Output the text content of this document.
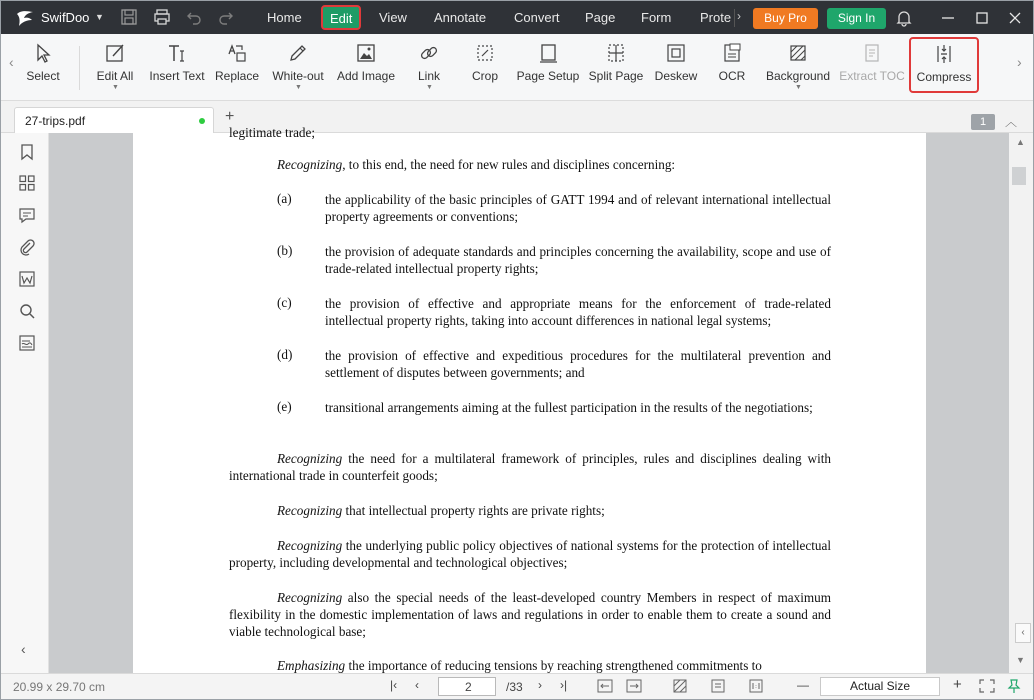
SwifDoo ▼	Home	Edit	View Annotate Convert Page Form Prote ›	Buy Pro	Sign In
‹
Select	Edit All
▼
Insert Text Replace	White-out
▼
Add Image	Link
▼
Crop	Page Setup Split Page Deskew	OCR	Background
▼
Extract TOC Compress
›
27-trips.pdf	+	1	︿
‹
legitimate trade;
Recognizing, to this end, the need for new rules and disciplines concerning:
(a)	the applicability of the basic principles of GATT 1994 and of relevant international intellectual property agreements or conventions;
(b) the provision of adequate standards and principles concerning the availability, scope and use of trade-related intellectual property rights;
(c)	the provision of effective and appropriate means for the enforcement of trade-related intellectual property rights, taking into account differences in national legal systems;
(d) the provision of effective and expeditious procedures for the multilateral prevention and settlement of disputes between governments; and
(e)	transitional arrangements aiming at the fullest participation in the results of the negotiations;
Recognizing the need for a multilateral framework of principles, rules and disciplines dealing with international trade in counterfeit goods;
Recognizing that intellectual property rights are private rights;
Recognizing the underlying public policy objectives of national systems for the protection of intellectual property, including developmental and technological objectives;
Recognizing also the special needs of the least-developed country Members in respect of maximum flexibility in the domestic implementation of laws and regulations in order to enable them to create a sound and viable technological base;
Emphasizing the importance of reducing tensions by reaching strengthened commitments to
▲
‹
▼
20.99 x 29.70 cm	|‹ ‹	2	/33 › ›|	—	Actual Size	+
